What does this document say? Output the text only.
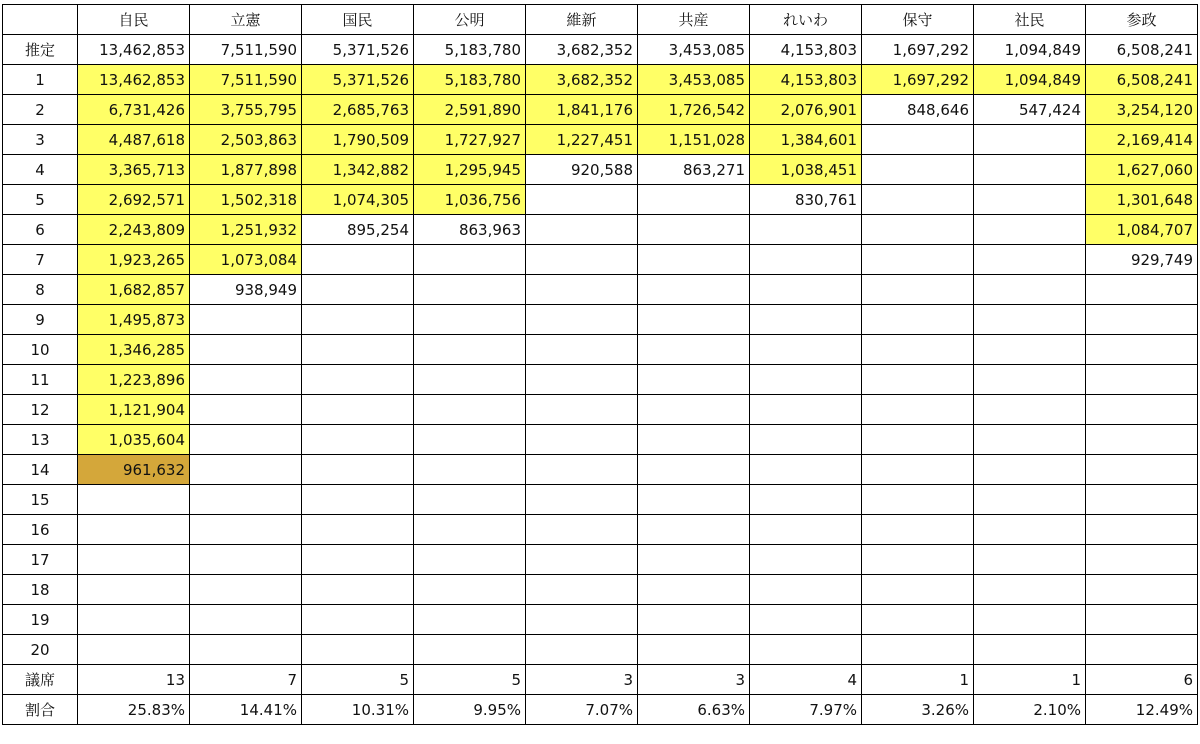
	自民	立憲	国民	公明	維新	共産	れいわ	保守	社民	参政
推定	13,462,853	7,511,590	5,371,526	5,183,780	3,682,352	3,453,085	4,153,803	1,697,292	1,094,849	6,508,241
1	13,462,853	7,511,590	5,371,526	5,183,780	3,682,352	3,453,085	4,153,803	1,697,292	1,094,849	6,508,241
2	6,731,426	3,755,795	2,685,763	2,591,890	1,841,176	1,726,542	2,076,901	848,646	547,424	3,254,120
3	4,487,618	2,503,863	1,790,509	1,727,927	1,227,451	1,151,028	1,384,601			2,169,414
4	3,365,713	1,877,898	1,342,882	1,295,945	920,588	863,271	1,038,451			1,627,060
5	2,692,571	1,502,318	1,074,305	1,036,756			830,761			1,301,648
6	2,243,809	1,251,932	895,254	863,963						1,084,707
7	1,923,265	1,073,084								929,749
8	1,682,857	938,949								
9	1,495,873									
10	1,346,285									
11	1,223,896									
12	1,121,904									
13	1,035,604									
14	961,632									
15										
16										
17										
18										
19										
20										
議席	13	7	5	5	3	3	4	1	1	6
割合	25.83%	14.41%	10.31%	9.95%	7.07%	6.63%	7.97%	3.26%	2.10%	12.49%
